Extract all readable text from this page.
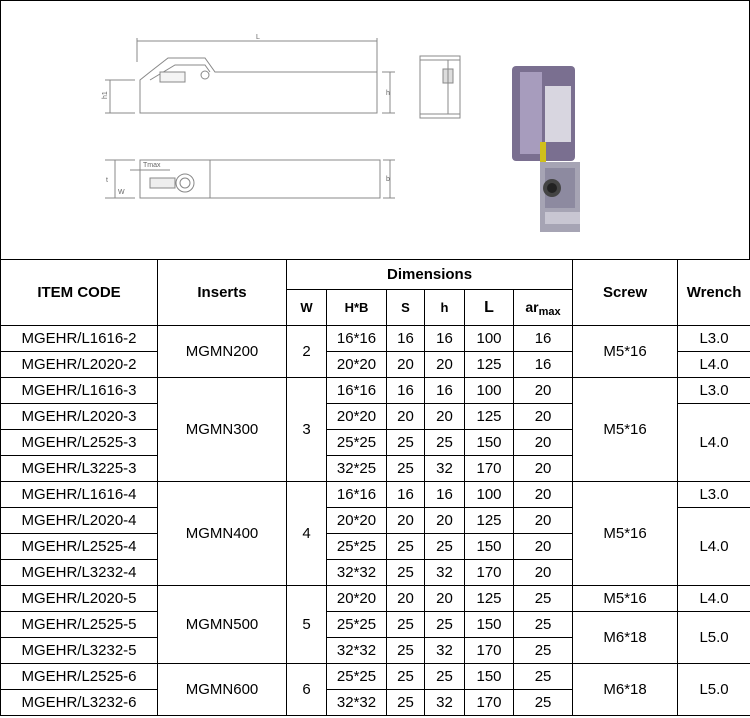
L
h1	h
Tmax
t
W
b
ITEM CODE	Inserts	Dimensions						Screw	Wrench
		W	H*B	S	h	L	$ar_{max}$
MGEHR/L1616-2	MGMN200	2	16*16	16	16	100	16	M5*16	L3.0
MGEHR/L2020-2			20*20	20	20	125	16		L4.0
MGEHR/L1616-3	MGMN300	3	16*16	16	16	100	20	M5*16	L3.0
MGEHR/L2020-3			20*20	20	20	125	20		L4.0
MGEHR/L2525-3			25*25	25	25	150	20		
MGEHR/L3225-3			32*25	25	32	170	20		
MGEHR/L1616-4	MGMN400	4	16*16	16	16	100	20	M5*16	L3.0
MGEHR/L2020-4			20*20	20	20	125	20		L4.0
MGEHR/L2525-4			25*25	25	25	150	20		
MGEHR/L3232-4			32*32	25	32	170	20		
MGEHR/L2020-5	MGMN500	5	20*20	20	20	125	25	M5*16	L4.0
MGEHR/L2525-5			25*25	25	25	150	25	M6*18	L5.0
MGEHR/L3232-5			32*32	25	32	170	25		
MGEHR/L2525-6	MGMN600	6	25*25	25	25	150	25	M6*18	L5.0
MGEHR/L3232-6			32*32	25	32	170	25		
